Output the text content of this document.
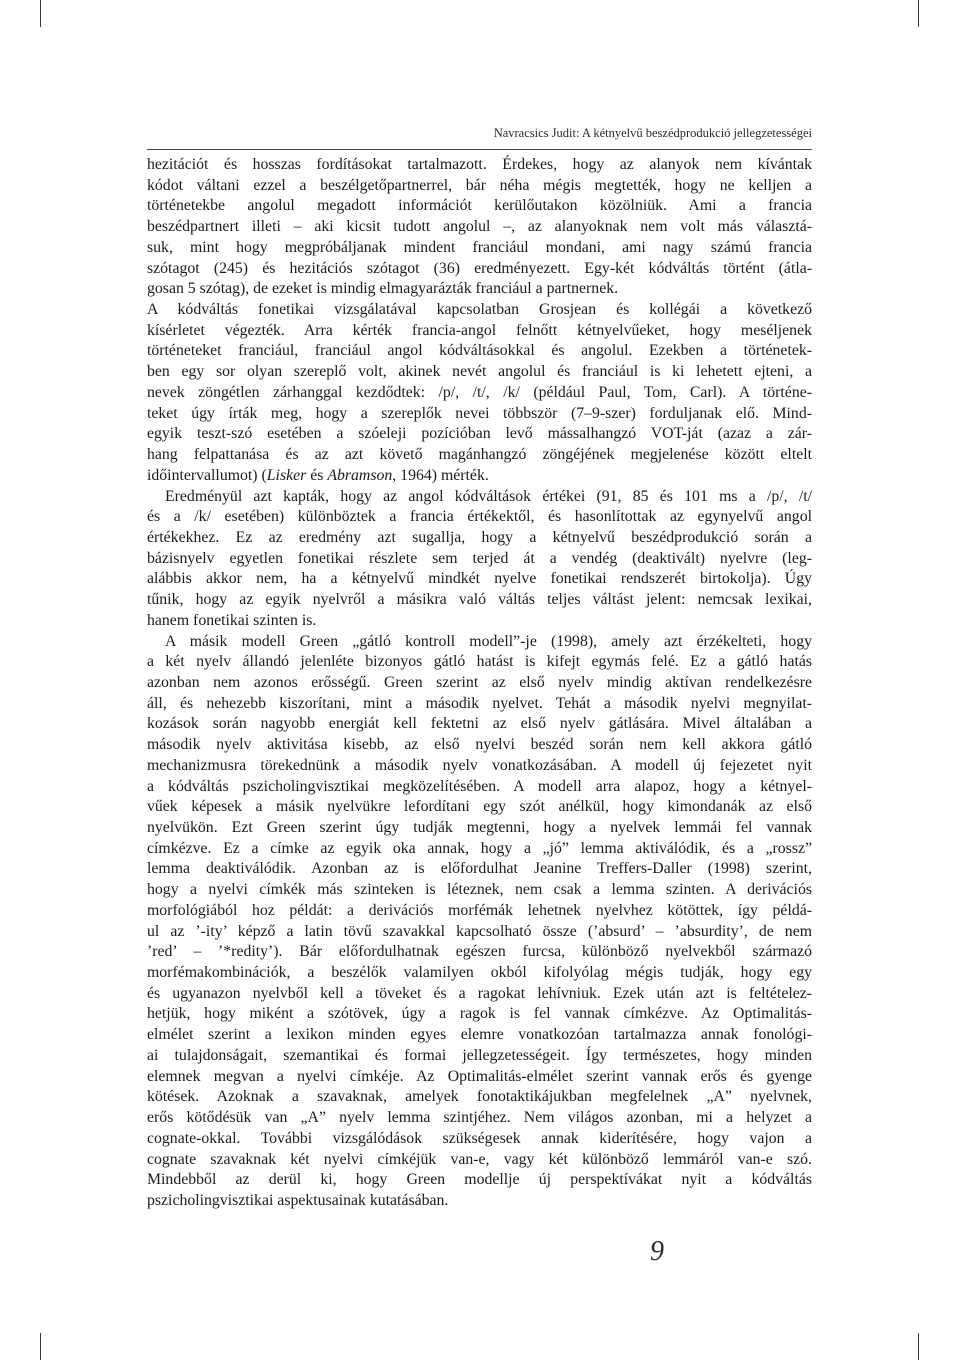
Navracsics Judit: A kétnyelvű beszédprodukció jellegzetességei
hezitációt és hosszas fordításokat tartalmazott. Érdekes, hogy az alanyok nem kívántak
kódot váltani ezzel a beszélgetőpartnerrel, bár néha mégis megtették, hogy ne kelljen a
történetekbe angolul megadott információt kerülőutakon közölniük. Ami a francia
beszédpartnert illeti – aki kicsit tudott angolul –, az alanyoknak nem volt más választá-
suk, mint hogy megpróbáljanak mindent franciául mondani, ami nagy számú francia
szótagot (245) és hezitációs szótagot (36) eredményezett. Egy-két kódváltás történt (átla-
gosan 5 szótag), de ezeket is mindig elmagyarázták franciául a partnernek.
A kódváltás fonetikai vizsgálatával kapcsolatban Grosjean és kollégái a következő
kísérletet végezték. Arra kérték francia-angol felnőtt kétnyelvűeket, hogy meséljenek
történeteket franciául, franciául angol kódváltásokkal és angolul. Ezekben a történetek-
ben egy sor olyan szereplő volt, akinek nevét angolul és franciául is ki lehetett ejteni, a
nevek zöngétlen zárhanggal kezdődtek: /p/, /t/, /k/ (például Paul, Tom, Carl). A történe-
teket úgy írták meg, hogy a szereplők nevei többször (7–9-szer) forduljanak elő. Mind-
egyik teszt-szó esetében a szóeleji pozícióban levő mássalhangzó VOT-ját (azaz a zár-
hang felpattanása és az azt követő magánhangzó zöngéjének megjelenése között eltelt
időintervallumot) (Lisker és Abramson, 1964) mérték.
Eredményül azt kapták, hogy az angol kódváltások értékei (91, 85 és 101 ms a /p/, /t/
és a /k/ esetében) különböztek a francia értékektől, és hasonlítottak az egynyelvű angol
értékekhez. Ez az eredmény azt sugallja, hogy a kétnyelvű beszédprodukció során a
bázisnyelv egyetlen fonetikai részlete sem terjed át a vendég (deaktivált) nyelvre (leg-
alábbis akkor nem, ha a kétnyelvű mindkét nyelve fonetikai rendszerét birtokolja). Úgy
tűnik, hogy az egyik nyelvről a másikra való váltás teljes váltást jelent: nemcsak lexikai,
hanem fonetikai szinten is.
A másik modell Green „gátló kontroll modell”-je (1998), amely azt érzékelteti, hogy
a két nyelv állandó jelenléte bizonyos gátló hatást is kifejt egymás felé. Ez a gátló hatás
azonban nem azonos erősségű. Green szerint az első nyelv mindig aktívan rendelkezésre
áll, és nehezebb kiszorítani, mint a második nyelvet. Tehát a második nyelvi megnyilat-
kozások során nagyobb energiát kell fektetni az első nyelv gátlására. Mivel általában a
második nyelv aktivitása kisebb, az első nyelvi beszéd során nem kell akkora gátló
mechanizmusra törekednünk a második nyelv vonatkozásában. A modell új fejezetet nyit
a kódváltás pszicholingvisztikai megközelítésében. A modell arra alapoz, hogy a kétnyel-
vűek képesek a másik nyelvükre lefordítani egy szót anélkül, hogy kimondanák az első
nyelvükön. Ezt Green szerint úgy tudják megtenni, hogy a nyelvek lemmái fel vannak
címkézve. Ez a címke az egyik oka annak, hogy a „jó” lemma aktiválódik, és a „rossz”
lemma deaktiválódik. Azonban az is előfordulhat Jeanine Treffers-Daller (1998) szerint,
hogy a nyelvi címkék más szinteken is léteznek, nem csak a lemma szinten. A derivációs
morfológiából hoz példát: a derivációs morfémák lehetnek nyelvhez kötöttek, így példá-
ul az ’-ity’ képző a latin tövű szavakkal kapcsolható össze (’absurd’ – ’absurdity’, de nem
’red’ – ’*redity’). Bár előfordulhatnak egészen furcsa, különböző nyelvekből származó
morfémakombinációk, a beszélők valamilyen okból kifolyólag mégis tudják, hogy egy
és ugyanazon nyelvből kell a töveket és a ragokat lehívniuk. Ezek után azt is feltételez-
hetjük, hogy miként a szótövek, úgy a ragok is fel vannak címkézve. Az Optimalitás-
elmélet szerint a lexikon minden egyes elemre vonatkozóan tartalmazza annak fonológi-
ai tulajdonságait, szemantikai és formai jellegzetességeit. Így természetes, hogy minden
elemnek megvan a nyelvi címkéje. Az Optimalitás-elmélet szerint vannak erős és gyenge
kötések. Azoknak a szavaknak, amelyek fonotaktikájukban megfelelnek „A” nyelvnek,
erős kötődésük van „A” nyelv lemma szintjéhez. Nem világos azonban, mi a helyzet a
cognate-okkal. További vizsgálódások szükségesek annak kiderítésére, hogy vajon a
cognate szavaknak két nyelvi címkéjük van-e, vagy két különböző lemmáról van-e szó.
Mindebből az derül ki, hogy Green modellje új perspektívákat nyit a kódváltás
pszicholingvisztikai aspektusainak kutatásában.
9
